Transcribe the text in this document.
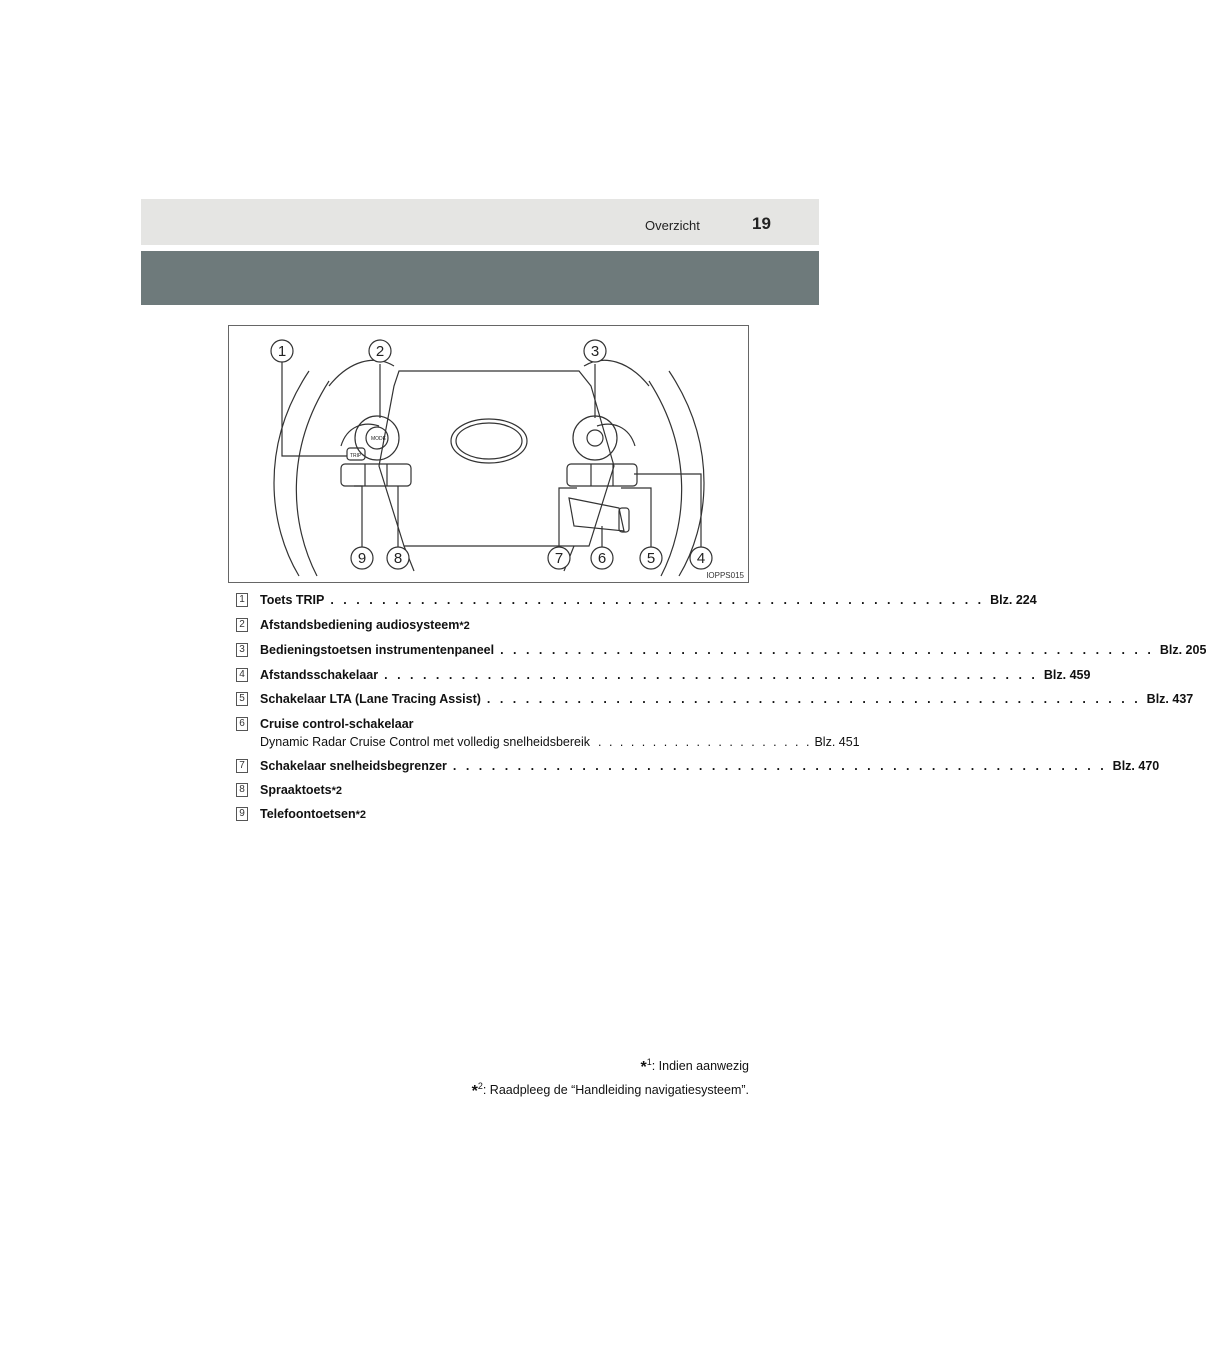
Overzicht	19
MODE
TRIP
1	2	3
4
5
6
7
8
9
IOPPS015
1 Toets TRIP . . . . . . . . . . . . . . . . . . . . . . . . . . . . . . . . . . . . . . . . . . . . . . . . . . . Blz. 224
2 Afstandsbediening audiosysteem *2
3 Bedieningstoetsen instrumentenpaneel . . . . . . . . . . . . . . . . . . . . . . . . . . . . . . . . . . . . . . . . . . . . . . . . . . . Blz. 205
4 Afstandsschakelaar . . . . . . . . . . . . . . . . . . . . . . . . . . . . . . . . . . . . . . . . . . . . . . . . . . . Blz. 459
5 Schakelaar LTA (Lane Tracing Assist) . . . . . . . . . . . . . . . . . . . . . . . . . . . . . . . . . . . . . . . . . . . . . . . . . . . Blz. 437
6 Cruise control-schakelaar
Dynamic Radar Cruise Control met volledig snelheidsbereik . . . . . . . . . . . . . . . . . . . . Blz. 451
7 Schakelaar snelheidsbegrenzer . . . . . . . . . . . . . . . . . . . . . . . . . . . . . . . . . . . . . . . . . . . . . . . . . . . Blz. 470
8 Spraaktoets *2
9 Telefoontoetsen *2
*$^1$: Indien aanwezig
*$^2$: Raadpleeg de “Handleiding navigatiesysteem”.
